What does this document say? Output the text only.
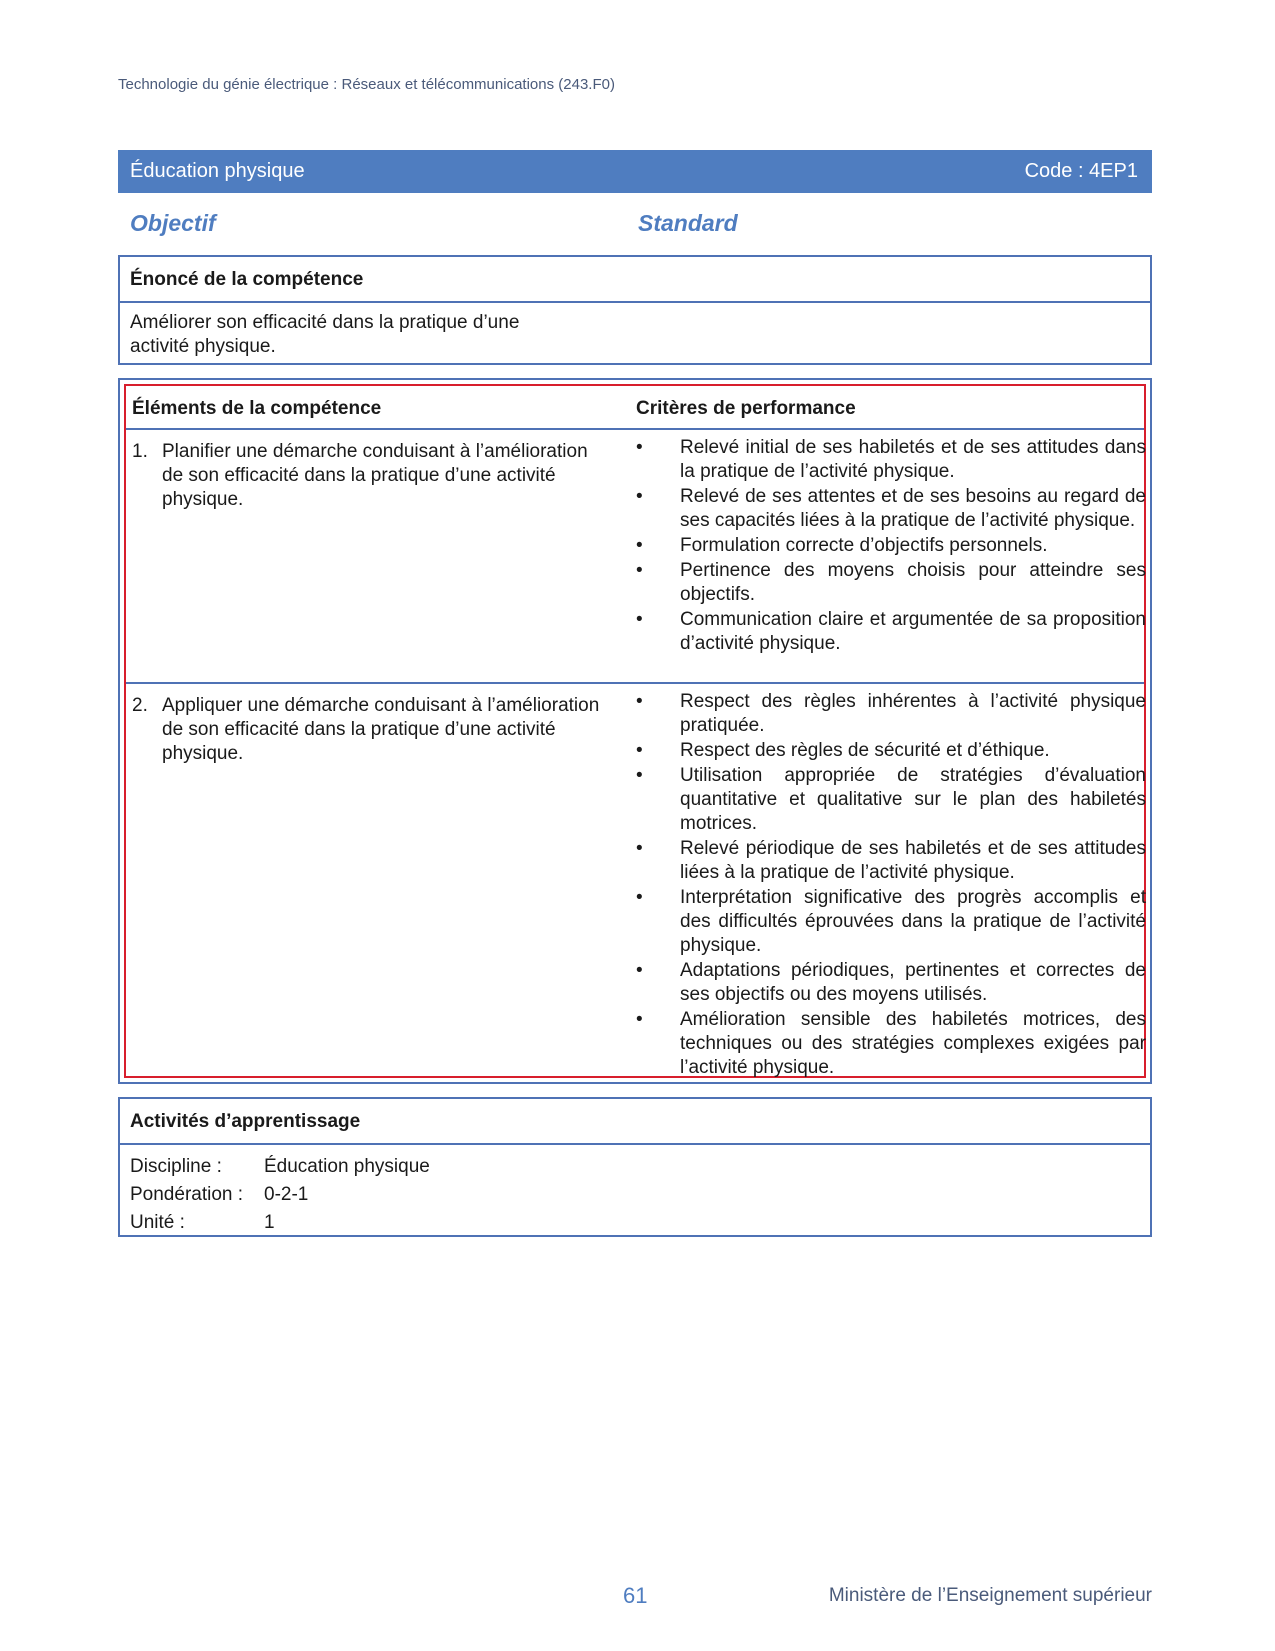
Technologie du génie électrique : Réseaux et télécommunications (243.F0)
Éducation physique	Code : 4EP1
Objectif	Standard
Énoncé de la compétence
Améliorer son efficacité dans la pratique d’une activité physique.
Éléments de la compétence	Critères de performance
1. Planifier une démarche conduisant à l’amélioration de son efficacité dans la pratique d’une activité physique.
•	Relevé initial de ses habiletés et de ses attitudes dans la pratique de l’activité physique.
•	Relevé de ses attentes et de ses besoins au regard de ses capacités liées à la pratique de l’activité physique.
•	Formulation correcte d’objectifs personnels.
•	Pertinence des moyens choisis pour atteindre ses objectifs.
•	Communication claire et argumentée de sa proposition d’activité physique.
2. Appliquer une démarche conduisant à l’amélioration de son efficacité dans la pratique d’une activité physique.
•	Respect des règles inhérentes à l’activité physique pratiquée.
•	Respect des règles de sécurité et d’éthique.
•	Utilisation appropriée de stratégies d’évaluation quantitative et qualitative sur le plan des habiletés motrices.
•	Relevé périodique de ses habiletés et de ses attitudes liées à la pratique de l’activité physique.
•	Interprétation significative des progrès accomplis et des difficultés éprouvées dans la pratique de l’activité physique.
•	Adaptations périodiques, pertinentes et correctes de ses objectifs ou des moyens utilisés.
•	Amélioration sensible des habiletés motrices, des techniques ou des stratégies complexes exigées par l’activité physique.
Activités d’apprentissage
Discipline :	Éducation physique
Pondération :	0-2-1
Unité :	1
61	Ministère de l’Enseignement supérieur
